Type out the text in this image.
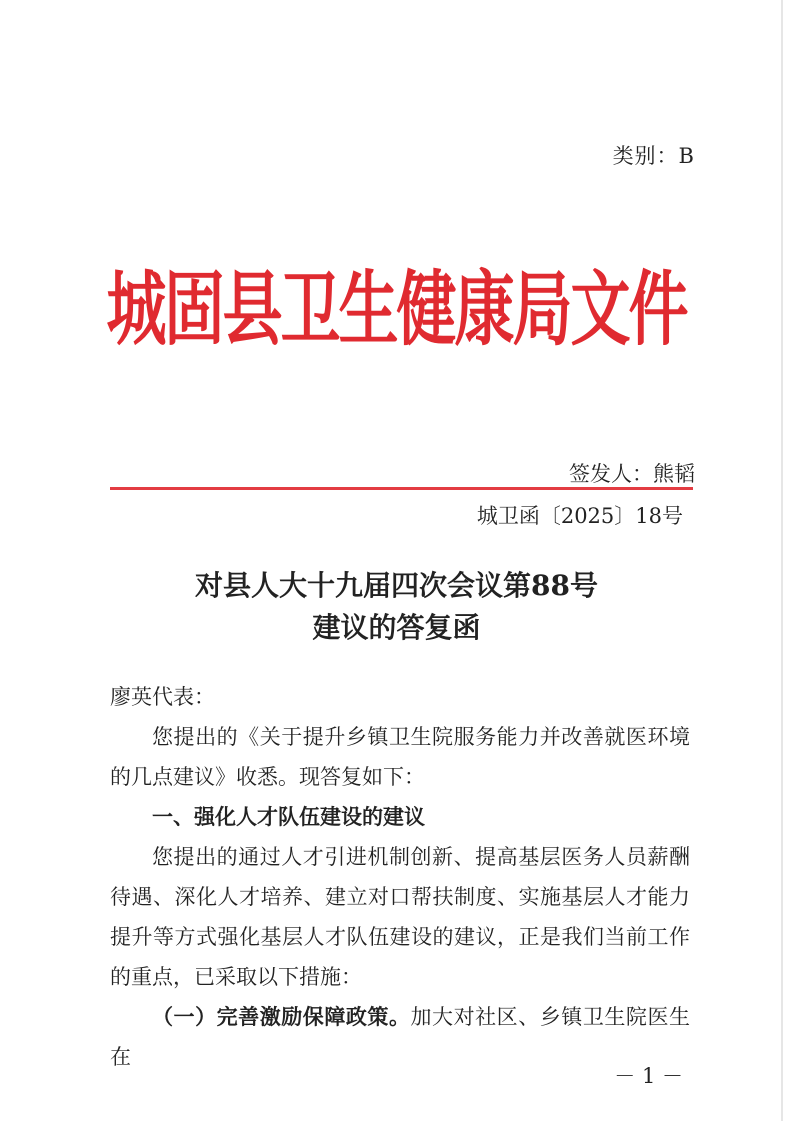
类别：B
城固县卫生健康局文件
签发人：熊韬
城卫函〔2025〕18号
对县人大十九届四次会议第88号
建议的答复函

廖英代表：

您提出的《关于提升乡镇卫生院服务能力并改善就医环境的几点建议》收悉。现答复如下：

一、强化人才队伍建设的建议

您提出的通过人才引进机制创新、提高基层医务人员薪酬待遇、深化人才培养、建立对口帮扶制度、实施基层人才能力提升等方式强化基层人才队伍建设的建议，正是我们当前工作的重点，已采取以下措施：

（一）完善激励保障政策。加大对社区、乡镇卫生院医生在

－ 1 －
